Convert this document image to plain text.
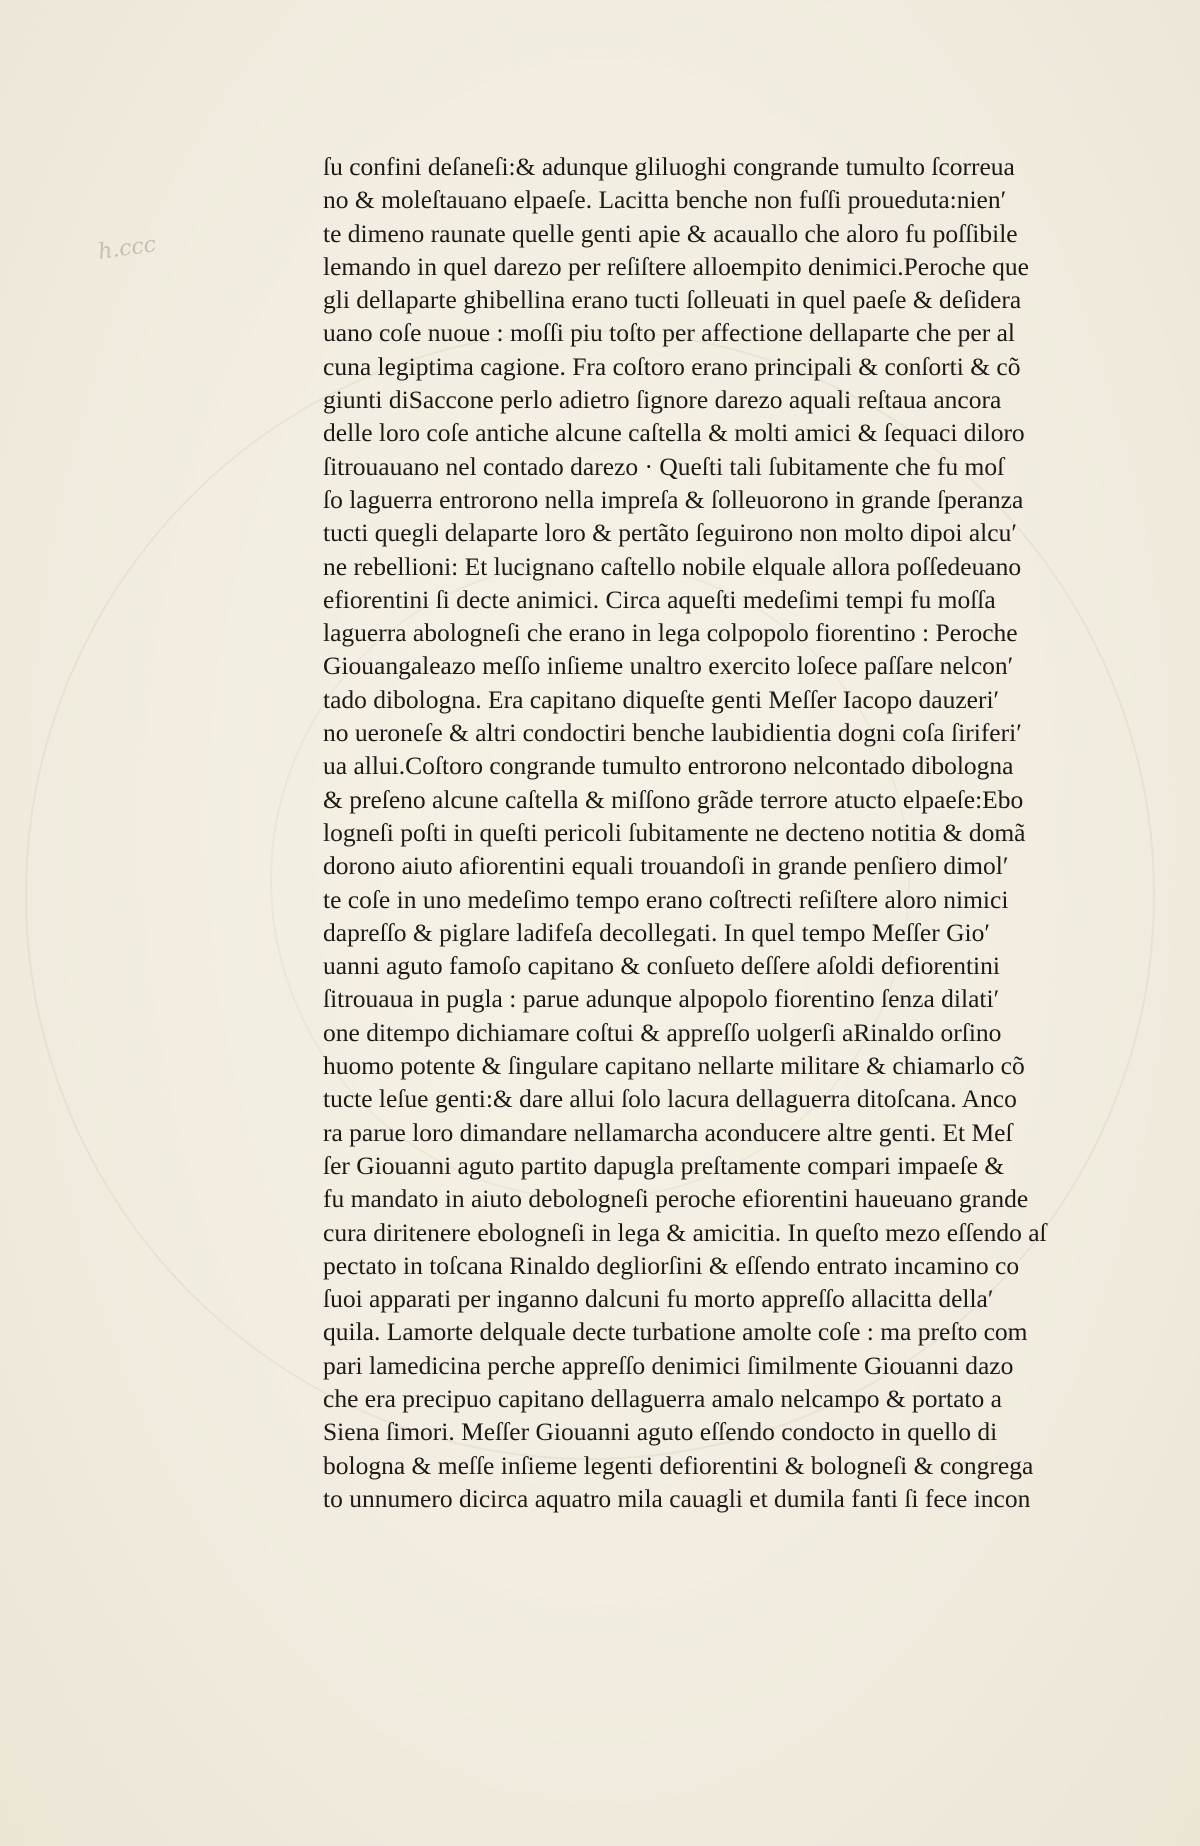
h.ccc
ſu confini deſaneſi:& adunque gliluoghi congrande tumulto ſcorreua
no & moleſtauano elpaeſe. Lacitta benche non fuſſi proueduta:nien′
te dimeno raunate quelle genti apie & acauallo che aloro fu poſſibile
lemando in quel darezo per reſiſtere alloempito denimici.Peroche que
gli dellaparte ghibellina erano tucti ſolleuati in quel paeſe & deſidera
uano coſe nuoue : moſſi piu toſto per affectione dellaparte che per al
cuna legiptima cagione. Fra coſtoro erano principali & conſorti & cõ
giunti diSaccone perlo adietro ſignore darezo aquali reſtaua ancora
delle loro coſe antiche alcune caſtella & molti amici & ſequaci diloro
ſitrouauano nel contado darezo · Queſti tali ſubitamente che fu moſ
ſo laguerra entrorono nella impreſa & ſolleuorono in grande ſperanza
tucti quegli delaparte loro & pertãto ſeguirono non molto dipoi alcu′
ne rebellioni: Et lucignano caſtello nobile elquale allora poſſedeuano
efiorentini ſi decte animici. Circa aqueſti medeſimi tempi fu moſſa
laguerra abologneſi che erano in lega colpopolo fiorentino : Peroche
Giouangaleazo meſſo inſieme unaltro exercito loſece paſſare nelcon′
tado dibologna. Era capitano diqueſte genti Meſſer Iacopo dauzeri′
no ueroneſe & altri condoctiri benche laubidientia dogni coſa ſiriferi′
ua allui.Coſtoro congrande tumulto entrorono nelcontado dibologna
& preſeno alcune caſtella & miſſono grãde terrore atucto elpaeſe:Ebo
logneſi poſti in queſti pericoli ſubitamente ne decteno notitia & domã
dorono aiuto afiorentini equali trouandoſi in grande penſiero dimol′
te coſe in uno medeſimo tempo erano coſtrecti reſiſtere aloro nimici
dapreſſo & piglare ladifeſa decollegati. In quel tempo Meſſer Gio′
uanni aguto famoſo capitano & conſueto deſſere aſoldi defiorentini
ſitrouaua in pugla : parue adunque alpopolo fiorentino ſenza dilati′
one ditempo dichiamare coſtui & appreſſo uolgerſi aRinaldo orſino
huomo potente & ſingulare capitano nellarte militare & chiamarlo cõ
tucte leſue genti:& dare allui ſolo lacura dellaguerra ditoſcana. Anco
ra parue loro dimandare nellamarcha aconducere altre genti. Et Meſ
ſer Giouanni aguto partito dapugla preſtamente compari impaeſe &
fu mandato in aiuto debologneſi peroche efiorentini haueuano grande
cura diritenere ebologneſi in lega & amicitia. In queſto mezo eſſendo aſ
pectato in toſcana Rinaldo degliorſini & eſſendo entrato incamino co
ſuoi apparati per inganno dalcuni fu morto appreſſo allacitta della′
quila. Lamorte delquale decte turbatione amolte coſe : ma preſto com
pari lamedicina perche appreſſo denimici ſimilmente Giouanni dazo
che era precipuo capitano dellaguerra amalo nelcampo & portato a
Siena ſimori. Meſſer Giouanni aguto eſſendo condocto in quello di
bologna & meſſe inſieme legenti defiorentini & bologneſi & congrega
to unnumero dicirca aquatro mila cauagli et dumila fanti ſi fece incon
